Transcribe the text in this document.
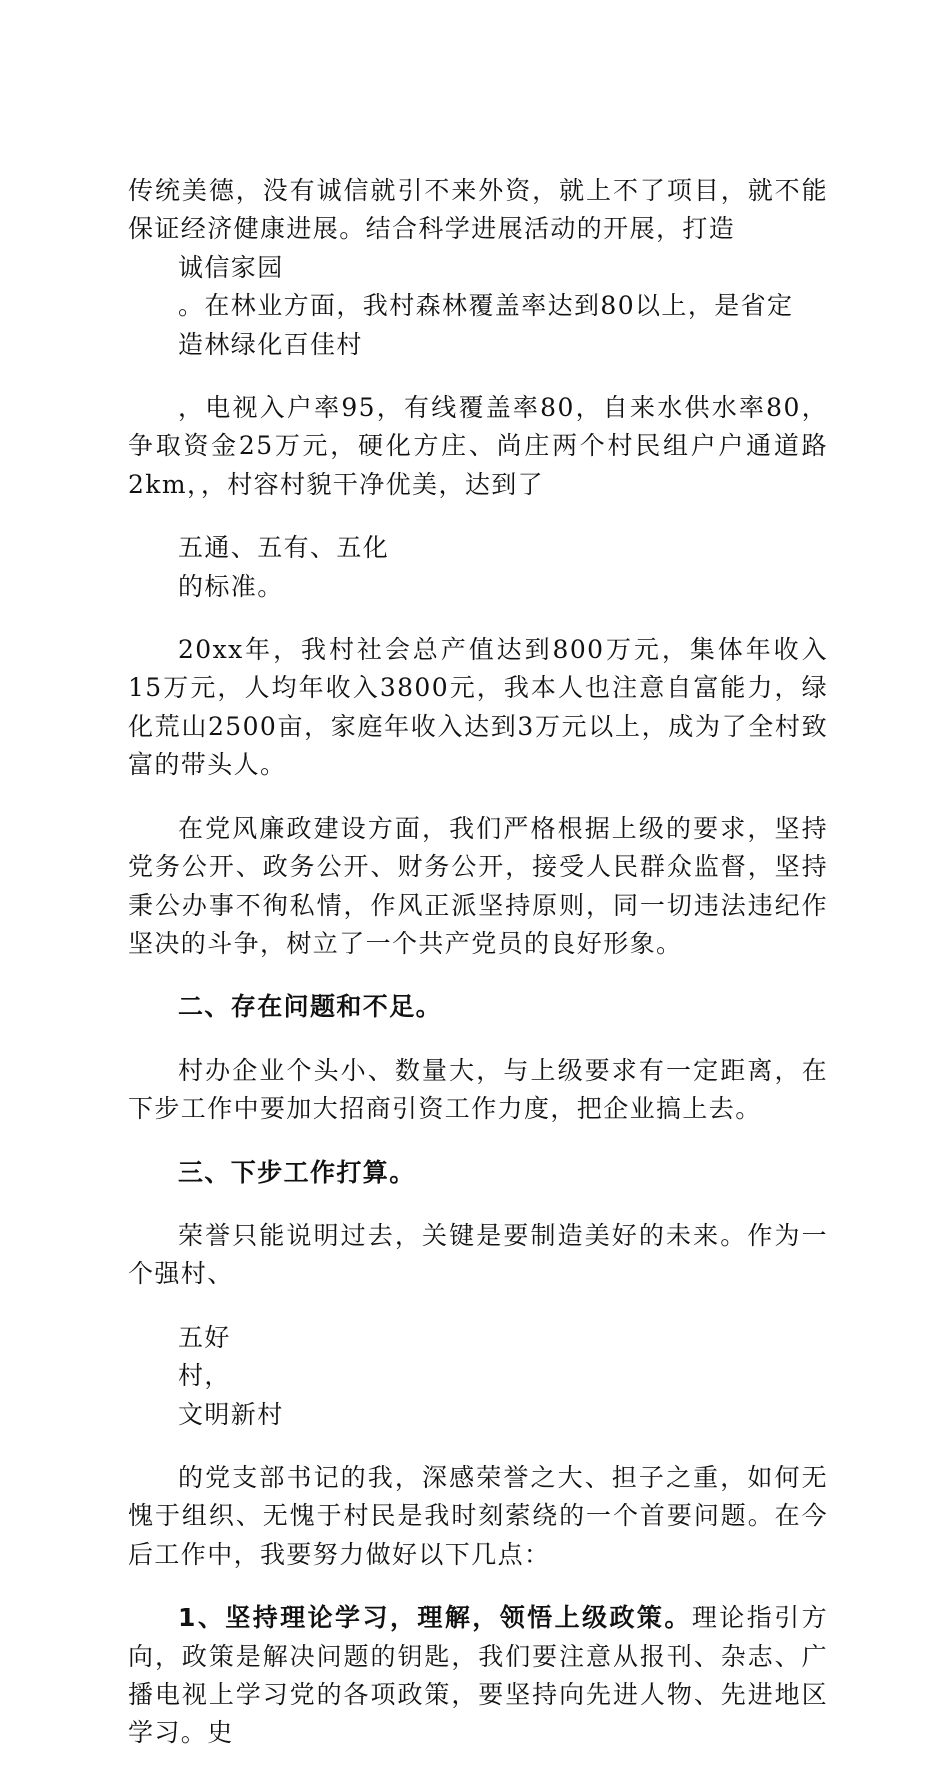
传统美德，没有诚信就引不来外资，就上不了项目，就不能保证经济健康进展。结合科学进展活动的开展，打造

诚信家园

。在林业方面，我村森林覆盖率达到80以上，是省定

造林绿化百佳村

，电视入户率95，有线覆盖率80，自来水供水率80，争取资金25万元，硬化方庄、尚庄两个村民组户户通道路2km，，村容村貌干净优美，达到了

五通、五有、五化

的标准。

20xx年，我村社会总产值达到800万元，集体年收入15万元，人均年收入3800元，我本人也注意自富能力，绿化荒山2500亩，家庭年收入达到3万元以上，成为了全村致富的带头人。

在党风廉政建设方面，我们严格根据上级的要求，坚持党务公开、政务公开、财务公开，接受人民群众监督，坚持秉公办事不徇私情，作风正派坚持原则，同一切违法违纪作坚决的斗争，树立了一个共产党员的良好形象。

二、存在问题和不足。

村办企业个头小、数量大，与上级要求有一定距离，在下步工作中要加大招商引资工作力度，把企业搞上去。

三、下步工作打算。

荣誉只能说明过去，关键是要制造美好的未来。作为一个强村、

五好

村，

文明新村

的党支部书记的我，深感荣誉之大、担子之重，如何无愧于组织、无愧于村民是我时刻萦绕的一个首要问题。在今后工作中，我要努力做好以下几点：

1、坚持理论学习，理解，领悟上级政策。理论指引方向，政策是解决问题的钥匙，我们要注意从报刊、杂志、广播电视上学习党的各项政策，要坚持向先进人物、先进地区学习。史
